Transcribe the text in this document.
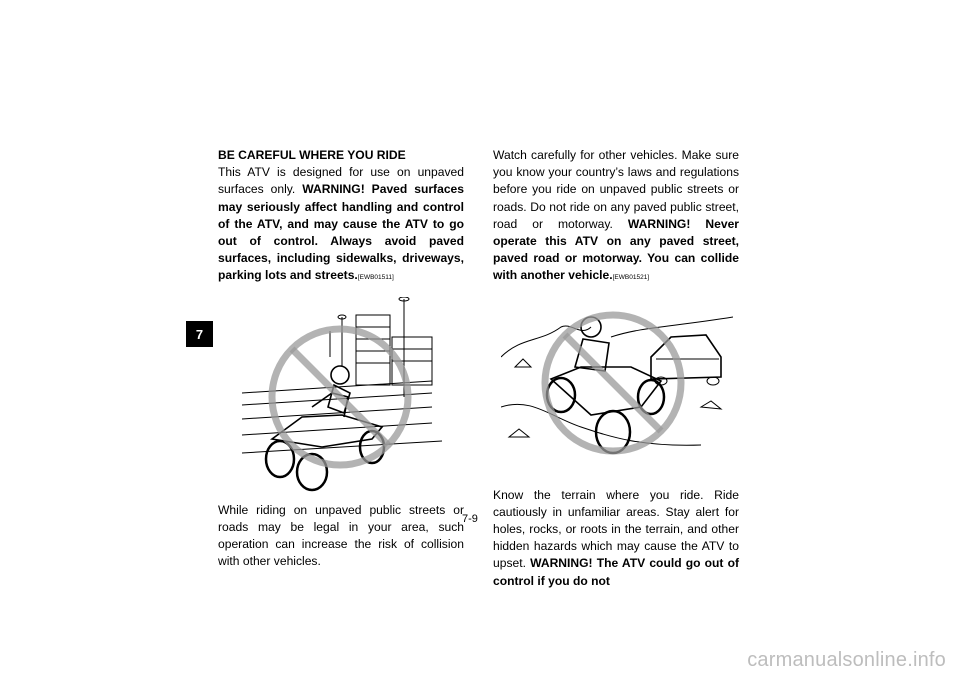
7

BE CAREFUL WHERE YOU RIDE

This ATV is designed for use on unpaved surfaces only. WARNING! Paved surfaces may seriously affect handling and control of the ATV, and may cause the ATV to go out of control. Always avoid paved surfaces, including sidewalks, driveways, parking lots and streets.[EWB01511]

While riding on unpaved public streets or roads may be legal in your area, such operation can increase the risk of collision with other vehicles.

Watch carefully for other vehicles. Make sure you know your country’s laws and regulations before you ride on unpaved public streets or roads. Do not ride on any paved public street, road or motorway. WARNING! Never operate this ATV on any paved street, paved road or motorway. You can collide with another vehicle.[EWB01521]

Know the terrain where you ride. Ride cautiously in unfamiliar areas. Stay alert for holes, rocks, or roots in the terrain, and other hidden hazards which may cause the ATV to upset. WARNING! The ATV could go out of control if you do not

7-9
carmanualsonline.info
